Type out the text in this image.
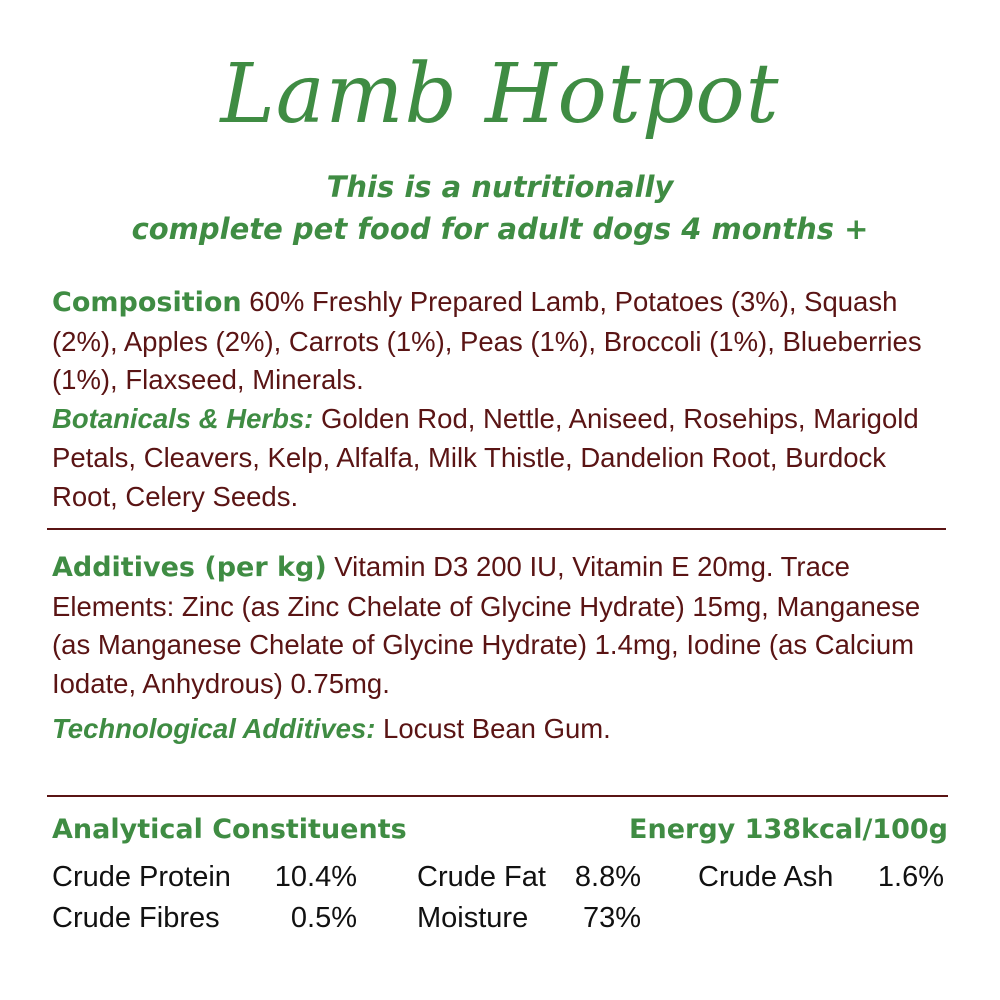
Lamb Hotpot
This is a nutritionally
complete pet food for adult dogs 4 months +

Composition 60% Freshly Prepared Lamb, Potatoes (3%), Squash (2%), Apples (2%), Carrots (1%), Peas (1%), Broccoli (1%), Blueberries (1%), Flaxseed, Minerals.

Botanicals & Herbs: Golden Rod, Nettle, Aniseed, Rosehips, Marigold Petals, Cleavers, Kelp, Alfalfa, Milk Thistle, Dandelion Root, Burdock Root, Celery Seeds.

Additives (per kg) Vitamin D3 200 IU, Vitamin E 20mg. Trace Elements: Zinc (as Zinc Chelate of Glycine Hydrate) 15mg, Manganese (as Manganese Chelate of Glycine Hydrate) 1.4mg, Iodine (as Calcium Iodate, Anhydrous) 0.75mg.

Technological Additives: Locust Bean Gum.

Analytical Constituents	Energy 138kcal/100g
Crude Protein 10.4% Crude Fat 8.8% Crude Ash 1.6%
Crude Fibres 0.5% Moisture 73%
